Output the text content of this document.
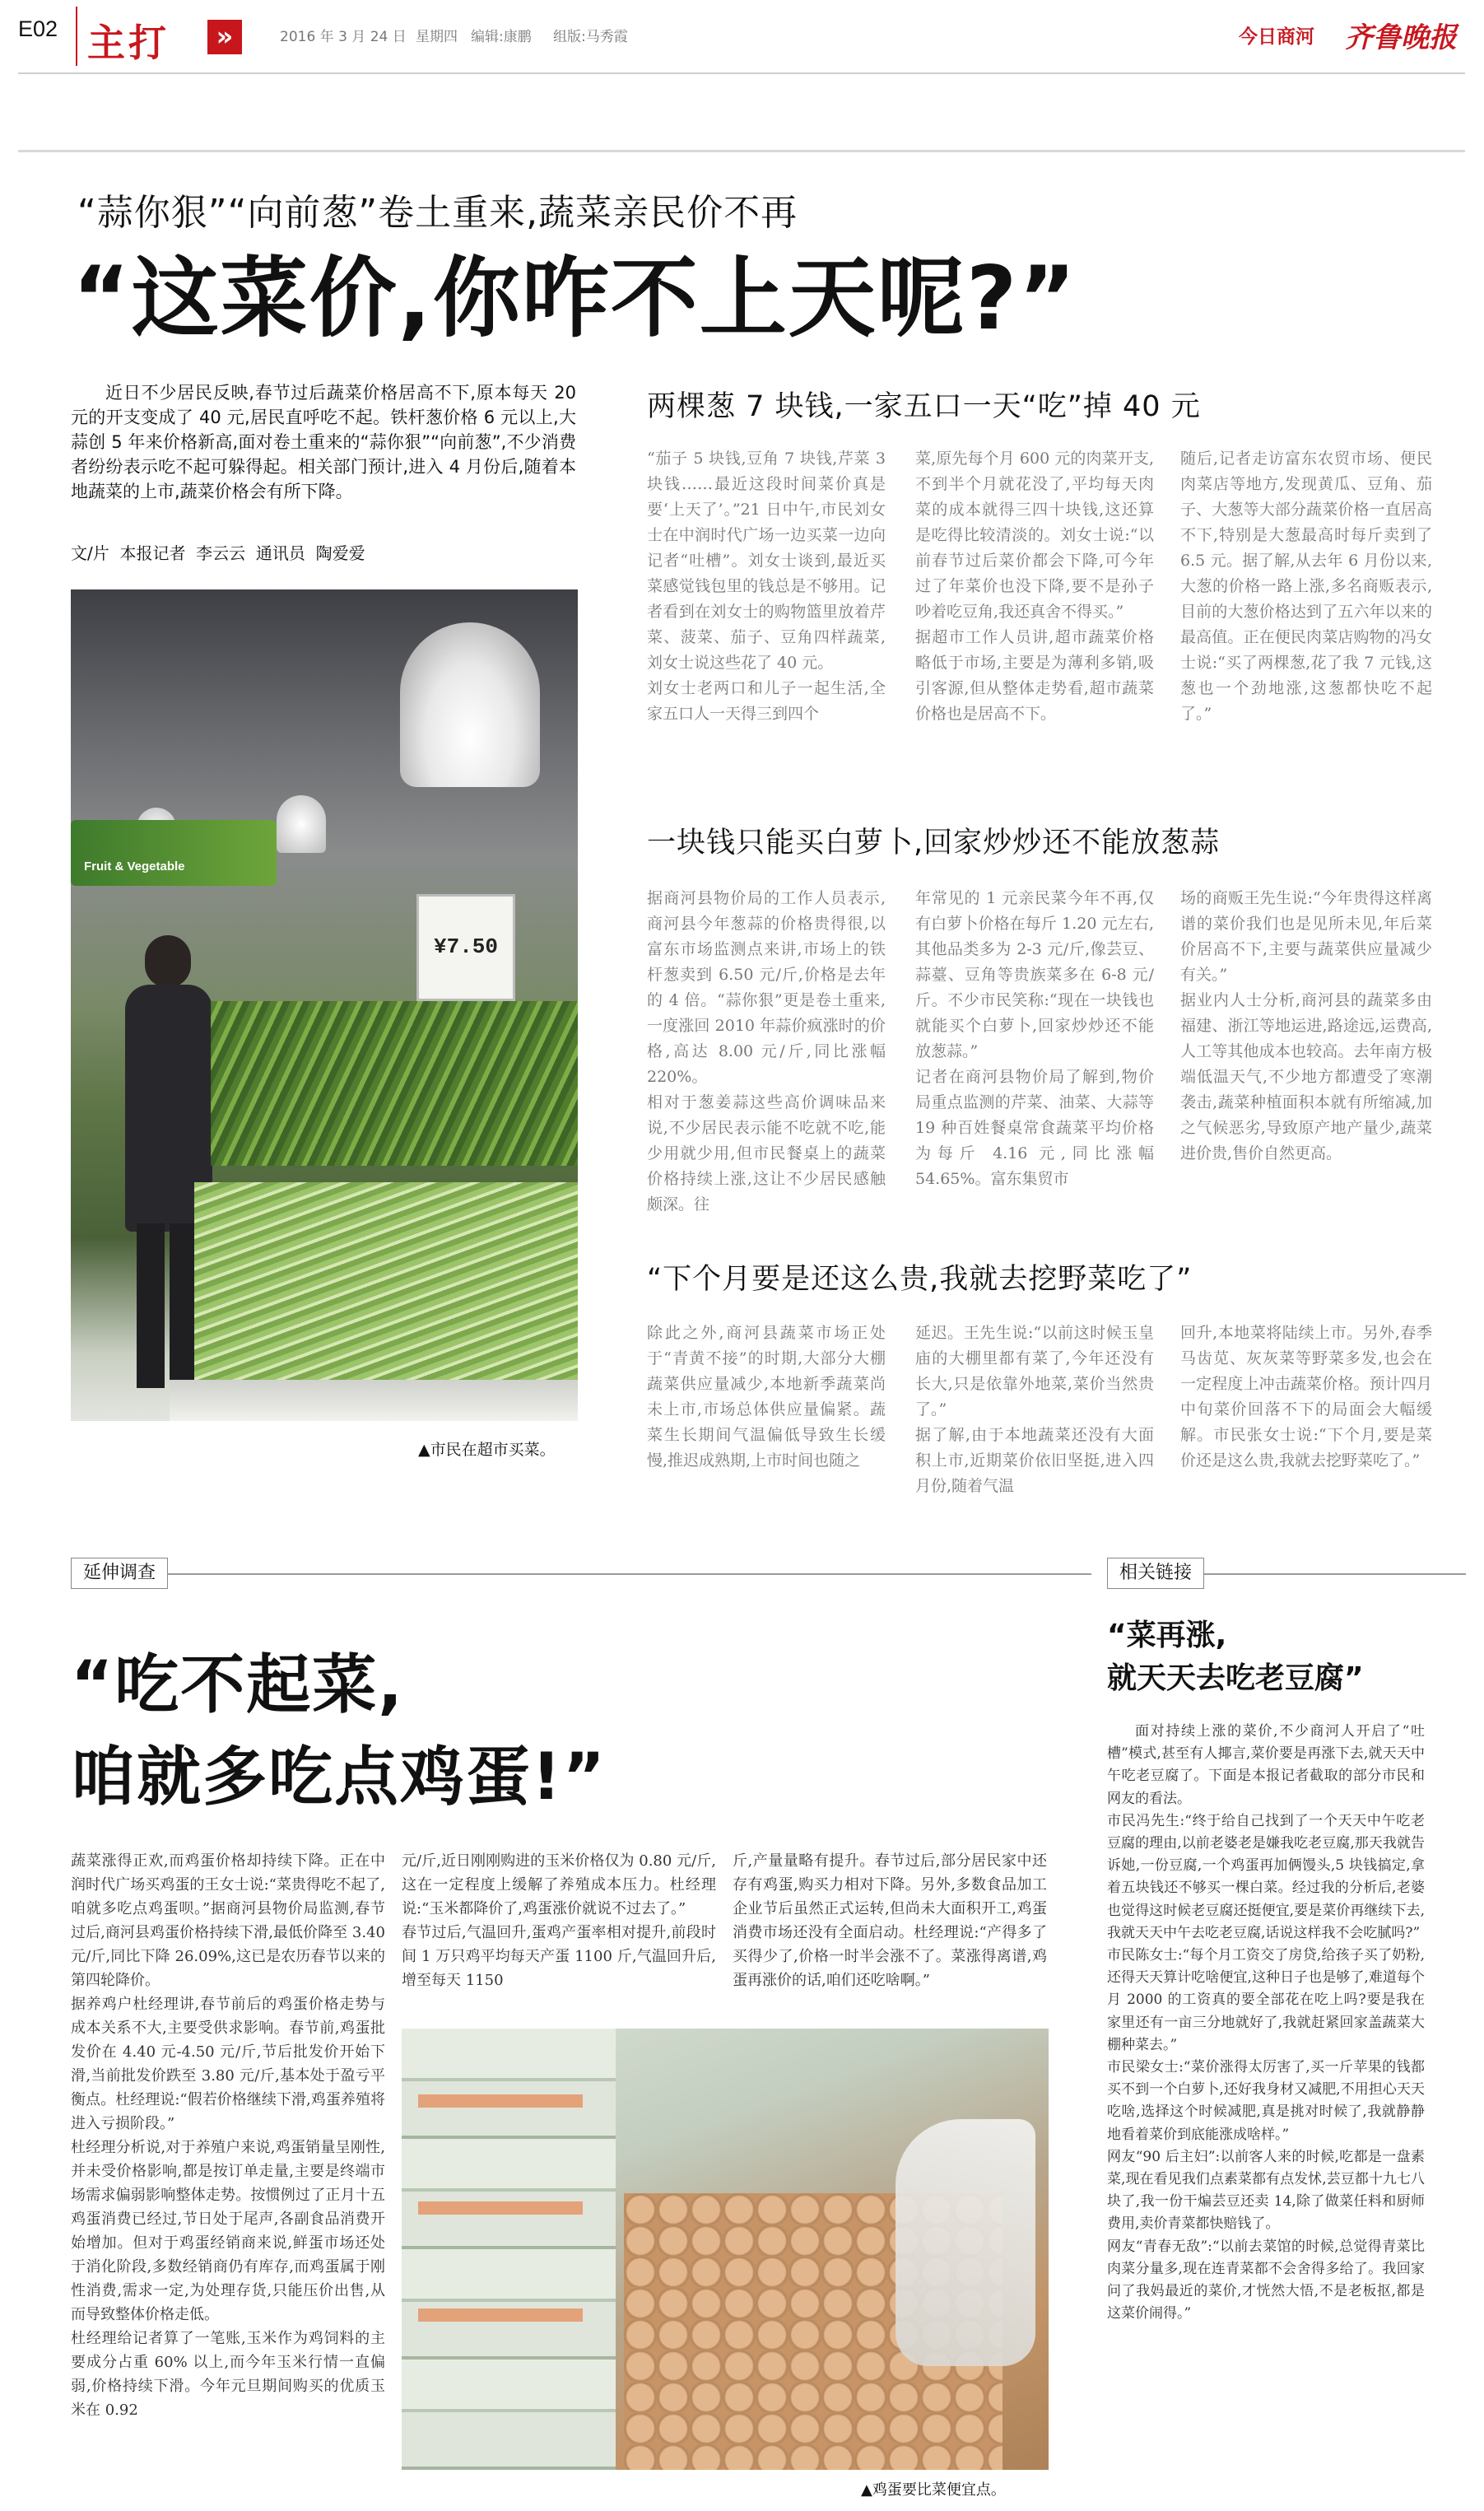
E02 主打	»	2016 年 3 月 24 日 星期四 编辑:康鹏 组版:马秀霞	今日商河 齐鲁晚报
“蒜你狠”“向前葱”卷土重来,蔬菜亲民价不再
“这菜价,你咋不上天呢?”
近日不少居民反映,春节过后蔬菜价格居高不下,原本每天 20 元的开支变成了 40 元,居民直呼吃不起。铁杆葱价格 6 元以上,大蒜创 5 年来价格新高,面对卷土重来的“蒜你狠”“向前葱”,不少消费者纷纷表示吃不起可躲得起。相关部门预计,进入 4 月份后,随着本地蔬菜的上市,蔬菜价格会有所下降。
文/片  本报记者  李云云  通讯员  陶爱爱
Fruit & Vegetable
¥7.50
▲市民在超市买菜。
两棵葱 7 块钱,一家五口一天“吃”掉 40 元
“茄子 5 块钱,豆角 7 块钱,芹菜 3 块钱……最近这段时间菜价真是要‘上天了’。”21 日中午,市民刘女士在中润时代广场一边买菜一边向记者“吐槽”。刘女士谈到,最近买菜感觉钱包里的钱总是不够用。记者看到在刘女士的购物篮里放着芹菜、菠菜、茄子、豆角四样蔬菜,刘女士说这些花了 40 元。
刘女士老两口和儿子一起生活,全家五口人一天得三到四个
菜,原先每个月 600 元的肉菜开支,不到半个月就花没了,平均每天肉菜的成本就得三四十块钱,这还算是吃得比较清淡的。刘女士说:“以前春节过后菜价都会下降,可今年过了年菜价也没下降,要不是孙子吵着吃豆角,我还真舍不得买。”
据超市工作人员讲,超市蔬菜价格略低于市场,主要是为薄利多销,吸引客源,但从整体走势看,超市蔬菜价格也是居高不下。
随后,记者走访富东农贸市场、便民肉菜店等地方,发现黄瓜、豆角、茄子、大葱等大部分蔬菜价格一直居高不下,特别是大葱最高时每斤卖到了 6.5 元。据了解,从去年 6 月份以来,大葱的价格一路上涨,多名商贩表示,目前的大葱价格达到了五六年以来的最高值。正在便民肉菜店购物的冯女士说:“买了两棵葱,花了我 7 元钱,这葱也一个劲地涨,这葱都快吃不起了。”
一块钱只能买白萝卜,回家炒炒还不能放葱蒜
据商河县物价局的工作人员表示,商河县今年葱蒜的价格贵得很,以富东市场监测点来讲,市场上的铁杆葱卖到 6.50 元/斤,价格是去年的 4 倍。“蒜你狠”更是卷土重来,一度涨回 2010 年蒜价疯涨时的价格,高达 8.00 元/斤,同比涨幅 220%。
相对于葱姜蒜这些高价调味品来说,不少居民表示能不吃就不吃,能少用就少用,但市民餐桌上的蔬菜价格持续上涨,这让不少居民感触颇深。往
年常见的 1 元亲民菜今年不再,仅有白萝卜价格在每斤 1.20 元左右,其他品类多为 2-3 元/斤,像芸豆、蒜薹、豆角等贵族菜多在 6-8 元/斤。不少市民笑称:“现在一块钱也就能买个白萝卜,回家炒炒还不能放葱蒜。”
记者在商河县物价局了解到,物价局重点监测的芹菜、油菜、大蒜等 19 种百姓餐桌常食蔬菜平均价格为每斤 4.16 元,同比涨幅 54.65%。富东集贸市
场的商贩王先生说:“今年贵得这样离谱的菜价我们也是见所未见,年后菜价居高不下,主要与蔬菜供应量减少有关。”
据业内人士分析,商河县的蔬菜多由福建、浙江等地运进,路途远,运费高,人工等其他成本也较高。去年南方极端低温天气,不少地方都遭受了寒潮袭击,蔬菜种植面积本就有所缩减,加之气候恶劣,导致原产地产量少,蔬菜进价贵,售价自然更高。
“下个月要是还这么贵,我就去挖野菜吃了”
除此之外,商河县蔬菜市场正处于“青黄不接”的时期,大部分大棚蔬菜供应量减少,本地新季蔬菜尚未上市,市场总体供应量偏紧。蔬菜生长期间气温偏低导致生长缓慢,推迟成熟期,上市时间也随之
延迟。王先生说:“以前这时候玉皇庙的大棚里都有菜了,今年还没有长大,只是依靠外地菜,菜价当然贵了。”
据了解,由于本地蔬菜还没有大面积上市,近期菜价依旧坚挺,进入四月份,随着气温
回升,本地菜将陆续上市。另外,春季马齿苋、灰灰菜等野菜多发,也会在一定程度上冲击蔬菜价格。预计四月中旬菜价回落不下的局面会大幅缓解。市民张女士说:“下个月,要是菜价还是这么贵,我就去挖野菜吃了。”
延伸调查
“吃不起菜,
咱就多吃点鸡蛋!”
蔬菜涨得正欢,而鸡蛋价格却持续下降。正在中润时代广场买鸡蛋的王女士说:“菜贵得吃不起了,咱就多吃点鸡蛋呗。”据商河县物价局监测,春节过后,商河县鸡蛋价格持续下滑,最低价降至 3.40 元/斤,同比下降 26.09%,这已是农历春节以来的第四轮降价。
据养鸡户杜经理讲,春节前后的鸡蛋价格走势与成本关系不大,主要受供求影响。春节前,鸡蛋批发价在 4.40 元-4.50 元/斤,节后批发价开始下滑,当前批发价跌至 3.80 元/斤,基本处于盈亏平衡点。杜经理说:“假若价格继续下滑,鸡蛋养殖将进入亏损阶段。”
杜经理分析说,对于养殖户来说,鸡蛋销量呈刚性,并未受价格影响,都是按订单走量,主要是终端市场需求偏弱影响整体走势。按惯例过了正月十五鸡蛋消费已经过,节日处于尾声,各副食品消费开始增加。但对于鸡蛋经销商来说,鲜蛋市场还处于消化阶段,多数经销商仍有库存,而鸡蛋属于刚性消费,需求一定,为处理存货,只能压价出售,从而导致整体价格走低。
杜经理给记者算了一笔账,玉米作为鸡饲料的主要成分占重 60% 以上,而今年玉米行情一直偏弱,价格持续下滑。今年元旦期间购买的优质玉米在 0.92
元/斤,近日刚刚购进的玉米价格仅为 0.80 元/斤,这在一定程度上缓解了养殖成本压力。杜经理说:“玉米都降价了,鸡蛋涨价就说不过去了。”
春节过后,气温回升,蛋鸡产蛋率相对提升,前段时间 1 万只鸡平均每天产蛋 1100 斤,气温回升后,增至每天 1150
斤,产量量略有提升。春节过后,部分居民家中还存有鸡蛋,购买力相对下降。另外,多数食品加工企业节后虽然正式运转,但尚未大面积开工,鸡蛋消费市场还没有全面启动。杜经理说:“产得多了买得少了,价格一时半会涨不了。菜涨得离谱,鸡蛋再涨价的话,咱们还吃啥啊。”
▲鸡蛋要比菜便宜点。
相关链接
“菜再涨,
就天天去吃老豆腐”
面对持续上涨的菜价,不少商河人开启了“吐槽”模式,甚至有人揶言,菜价要是再涨下去,就天天中午吃老豆腐了。下面是本报记者截取的部分市民和网友的看法。
市民冯先生:“终于给自己找到了一个天天中午吃老豆腐的理由,以前老婆老是嫌我吃老豆腐,那天我就告诉她,一份豆腐,一个鸡蛋再加俩馒头,5 块钱搞定,拿着五块钱还不够买一棵白菜。经过我的分析后,老婆也觉得这时候老豆腐还挺便宜,要是菜价再继续下去,我就天天中午去吃老豆腐,话说这样我不会吃腻吗?”
市民陈女士:“每个月工资交了房贷,给孩子买了奶粉,还得天天算计吃啥便宜,这种日子也是够了,难道每个月 2000 的工资真的要全部花在吃上吗?要是我在家里还有一亩三分地就好了,我就赶紧回家盖蔬菜大棚种菜去。”
市民梁女士:“菜价涨得太厉害了,买一斤苹果的钱都买不到一个白萝卜,还好我身材又减肥,不用担心天天吃啥,选择这个时候减肥,真是挑对时候了,我就静静地看着菜价到底能涨成啥样。”
网友“90 后主妇”:以前客人来的时候,吃都是一盘素菜,现在看见我们点素菜都有点发怵,芸豆都十九七八块了,我一份干煸芸豆还卖 14,除了做菜任料和厨师费用,卖价青菜都快赔钱了。
网友“青春无敌”:“以前去菜馆的时候,总觉得青菜比肉菜分量多,现在连青菜都不会舍得多给了。我回家问了我妈最近的菜价,才恍然大悟,不是老板抠,都是这菜价闹得。”
